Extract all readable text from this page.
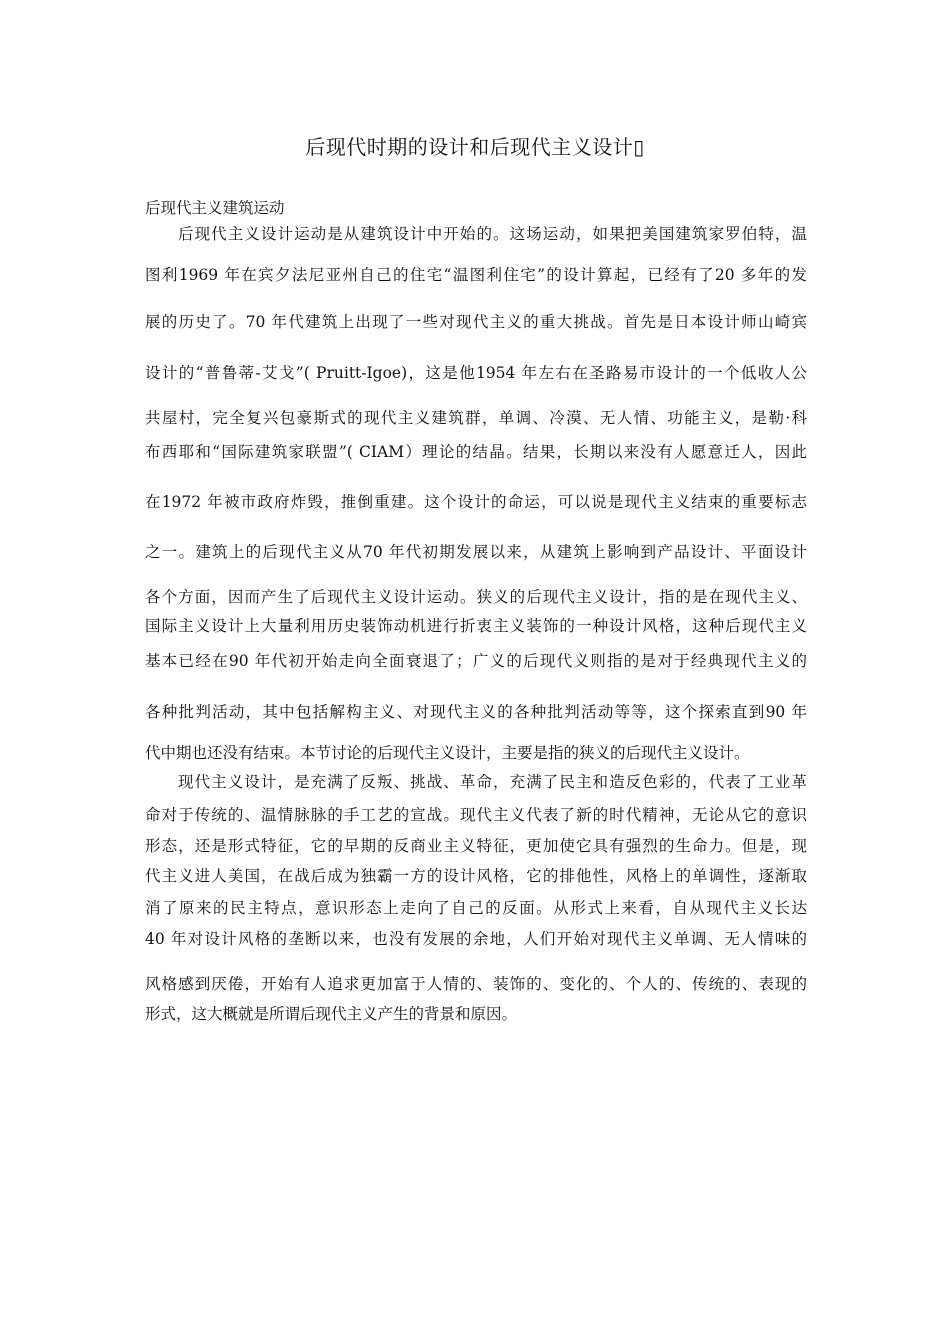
后现代时期的设计和后现代主义设计▯
后现代主义建筑运动
后现代主义设计运动是从建筑设计中开始的。这场运动，如果把美国建筑家罗伯特，温
图利1969 年在宾夕法尼亚州自己的住宅“温图利住宅”的设计算起，已经有了20 多年的发
展的历史了。70 年代建筑上出现了一些对现代主义的重大挑战。首先是日本设计师山崎宾
设计的“普鲁蒂-艾戈”( Pruitt-Igoe)，这是他1954 年左右在圣路易市设计的一个低收人公
共屋村，完全复兴包豪斯式的现代主义建筑群，单调、冷漠、无人情、功能主义，是勒·科
布西耶和“国际建筑家联盟”( CIAM）理论的结晶。结果，长期以来没有人愿意迁人，因此
在1972 年被市政府炸毁，推倒重建。这个设计的命运，可以说是现代主义结束的重要标志
之一。建筑上的后现代主义从70 年代初期发展以来，从建筑上影响到产品设计、平面设计
各个方面，因而产生了后现代主义设计运动。狭义的后现代主义设计，指的是在现代主义、
国际主义设计上大量利用历史装饰动机进行折衷主义装饰的一种设计风格，这种后现代主义
基本已经在90 年代初开始走向全面衰退了；广义的后现代义则指的是对于经典现代主义的
各种批判活动，其中包括解构主义、对现代主义的各种批判活动等等，这个探索直到90 年
代中期也还没有结束。本节讨论的后现代主义设计，主要是指的狭义的后现代主义设计。
现代主义设计，是充满了反叛、挑战、革命，充满了民主和造反色彩的，代表了工业革
命对于传统的、温情脉脉的手工艺的宣战。现代主义代表了新的时代精神，无论从它的意识
形态，还是形式特征，它的早期的反商业主义特征，更加使它具有强烈的生命力。但是，现
代主义进人美国，在战后成为独霸一方的设计风格，它的排他性，风格上的单调性，逐渐取
消了原来的民主特点，意识形态上走向了自己的反面。从形式上来看，自从现代主义长达
40 年对设计风格的垄断以来，也没有发展的余地，人们开始对现代主义单调、无人情味的
风格感到厌倦，开始有人追求更加富于人情的、装饰的、变化的、个人的、传统的、表现的
形式，这大概就是所谓后现代主义产生的背景和原因。
